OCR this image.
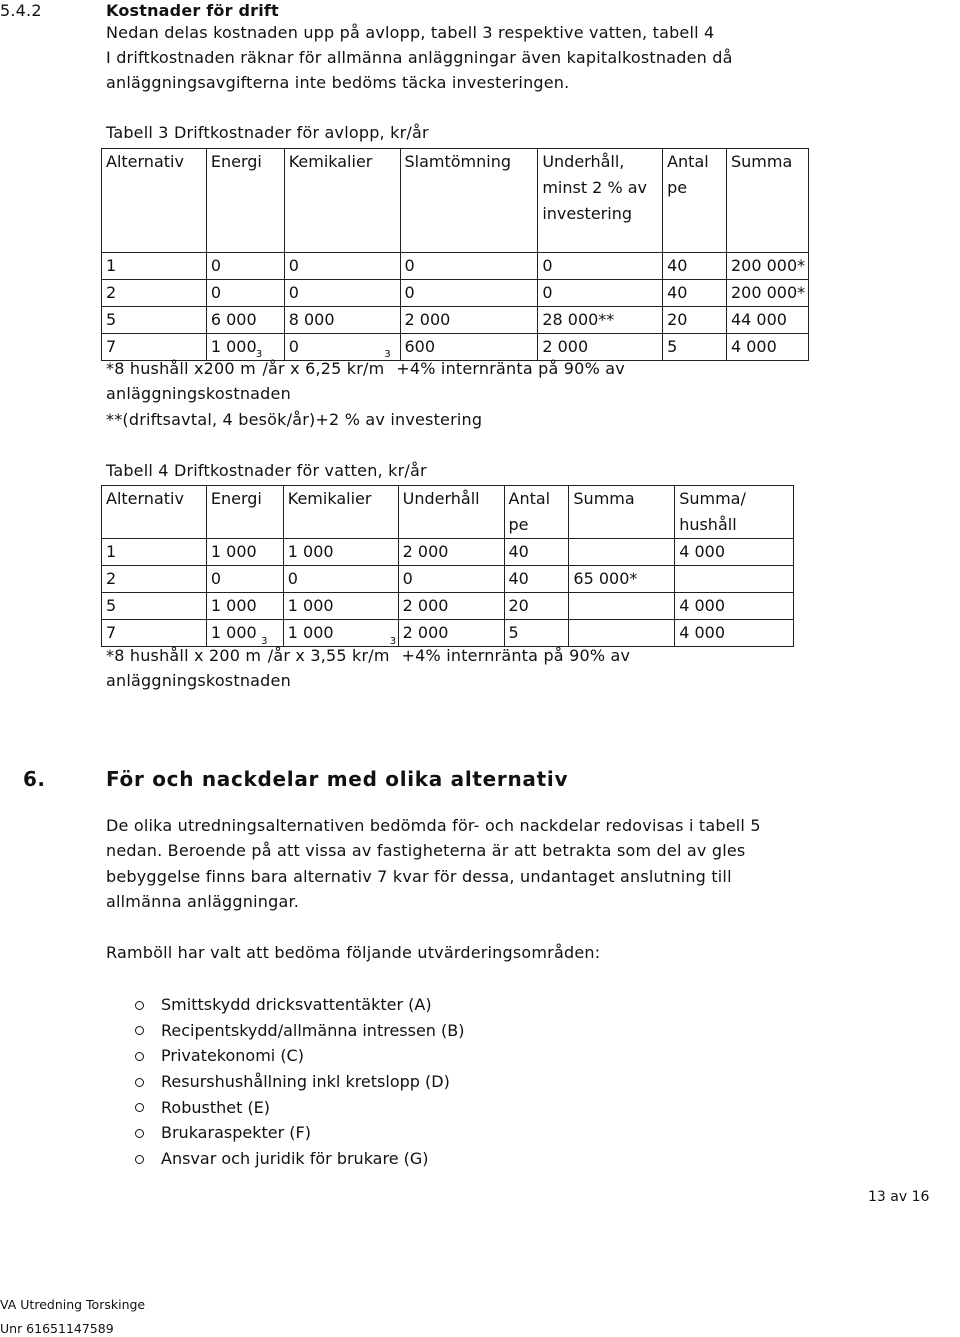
5.4.2	Kostnader för drift
Nedan delas kostnaden upp på avlopp, tabell 3 respektive vatten, tabell 4
I driftkostnaden räknar för allmänna anläggningar även kapitalkostnaden då
anläggningsavgifterna inte bedöms täcka investeringen.
Tabell 3 Driftkostnader för avlopp, kr/år
Alternativ	Energi	Kemikalier	Slamtömning	Underhåll, minst 2 % av investering	Antal pe	Summa
1	0	0	0	0	40	200 000*
2	0	0	0	0	40	200 000*
5	6 000	8 000	2 000	28 000**	20	44 000
7	1 000	0	600	2 000	5	4 000
*8 hushåll x200 $m^3/år$ x 6,25 $kr/m^3 +4\%$ internränta på 90% av
anläggningskostnaden
**(driftsavtal, 4 besök/år)+2 % av investering
Tabell 4 Driftkostnader för vatten, kr/år
Alternativ	Energi	Kemikalier	Underhåll	Antal pe	Summa	Summa/ hushåll
1	1 000	1 000	2 000	40		4 000
2	0	0	0	40	65 000*	
5	1 000	1 000	2 000	20		4 000
7	1 000	1 000	2 000	5		4 000
*8 hushåll x 200 $m^3/år$ x 3,55 $kr/m^3 +4\%$ internränta på 90% av
anläggningskostnaden
6.	För och nackdelar med olika alternativ
De olika utredningsalternativen bedömda för- och nackdelar redovisas i tabell 5
nedan. Beroende på att vissa av fastigheterna är att betrakta som del av gles
bebyggelse finns bara alternativ 7 kvar för dessa, undantaget anslutning till
allmänna anläggningar.
Ramböll har valt att bedöma följande utvärderingsområden:
Smittskydd dricksvattentäkter (A)
Recipentskydd/allmänna intressen (B)
Privatekonomi (C)
Resurshushållning inkl kretslopp (D)
Robusthet (E)
Brukaraspekter (F)
Ansvar och juridik för brukare (G)
13 av 16
VA Utredning Torskinge
Unr 61651147589
